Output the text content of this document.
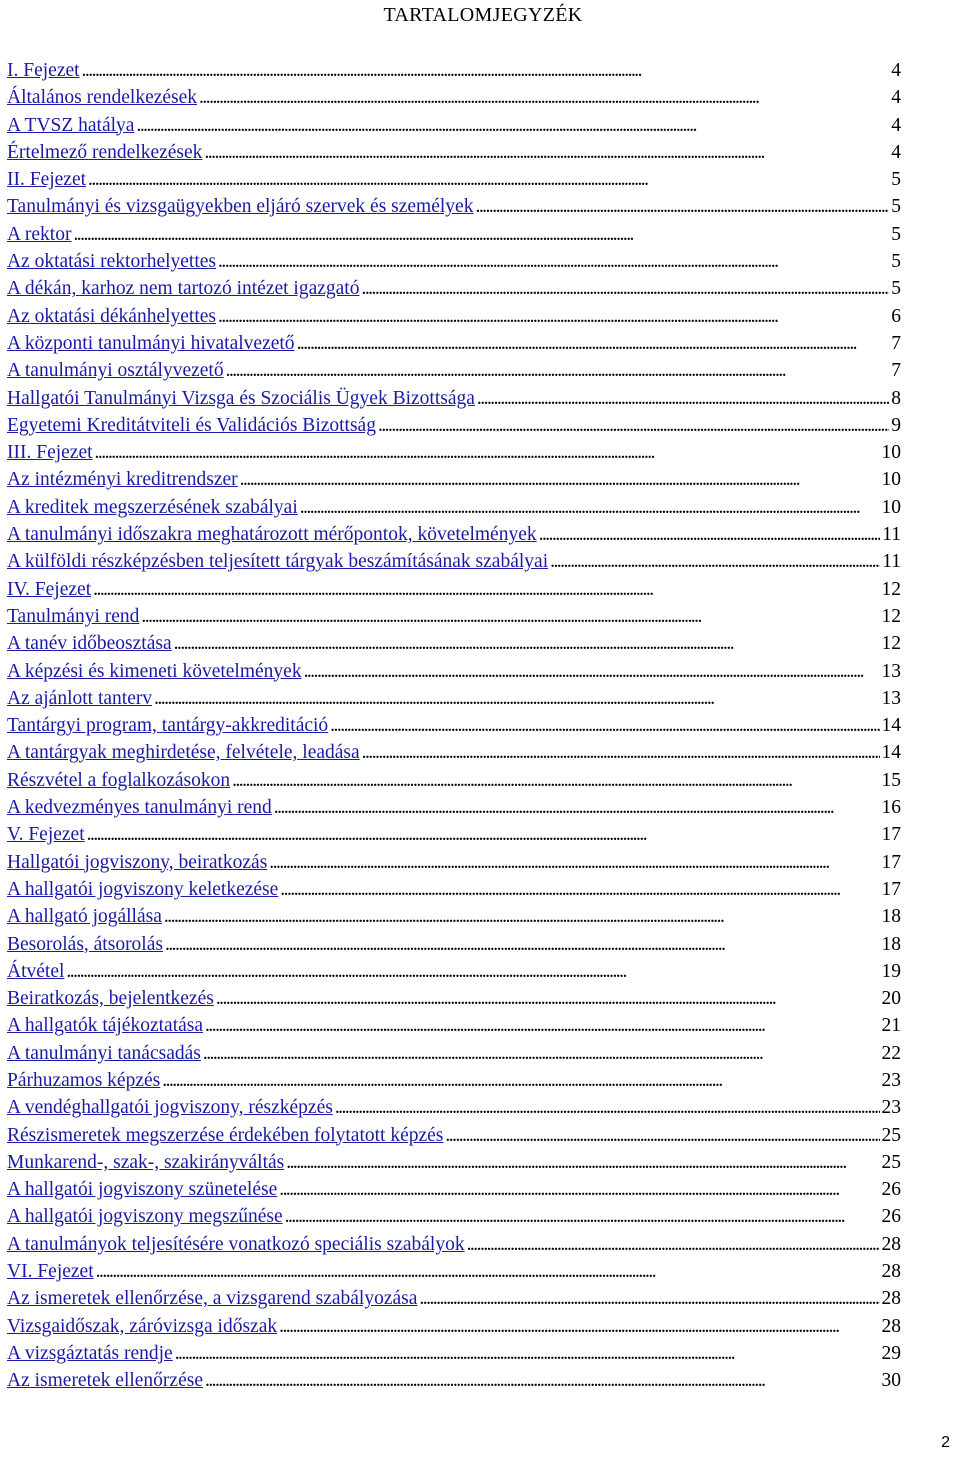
TARTALOMJEGYZÉK
I. Fejezet . . .	4
Általános rendelkezések . . .	4
A TVSZ hatálya . . .	4
Értelmező rendelkezések . . .	4
II. Fejezet . . .	5
Tanulmányi és vizsgaügyekben eljáró szervek és személyek . . .	5
A rektor . . .	5
Az oktatási rektorhelyettes . . .	5
A dékán, karhoz nem tartozó intézet igazgató . . .	5
Az oktatási dékánhelyettes . . .	6
A központi tanulmányi hivatalvezető . . .	7
A tanulmányi osztályvezető . . .	7
Hallgatói Tanulmányi Vizsga és Szociális Ügyek Bizottsága . . .	8
Egyetemi Kreditátviteli és Validációs Bizottság . . .	9
III. Fejezet . . .	10
Az intézményi kreditrendszer . . .	10
A kreditek megszerzésének szabályai . . .	10
A tanulmányi időszakra meghatározott mérőpontok, követelmények . . .	11
A külföldi részképzésben teljesített tárgyak beszámításának szabályai . . .	11
IV. Fejezet . . .	12
Tanulmányi rend . . .	12
A tanév időbeosztása . . .	12
A képzési és kimeneti követelmények . . .	13
Az ajánlott tanterv . . .	13
Tantárgyi program, tantárgy-akkreditáció . . .	14
A tantárgyak meghirdetése, felvétele, leadása . . .	14
Részvétel a foglalkozásokon . . .	15
A kedvezményes tanulmányi rend . . .	16
V. Fejezet . . .	17
Hallgatói jogviszony, beiratkozás . . .	17
A hallgatói jogviszony keletkezése . . .	17
A hallgató jogállása . . .	18
Besorolás, átsorolás . . .	18
Átvétel . . .	19
Beiratkozás, bejelentkezés . . .	20
A hallgatók tájékoztatása . . .	21
A tanulmányi tanácsadás . . .	22
Párhuzamos képzés . . .	23
A vendéghallgatói jogviszony, részképzés . . .	23
Részismeretek megszerzése érdekében folytatott képzés . . .	25
Munkarend-, szak-, szakirányváltás . . .	25
A hallgatói jogviszony szünetelése . . .	26
A hallgatói jogviszony megszűnése . . .	26
A tanulmányok teljesítésére vonatkozó speciális szabályok . . .	28
VI. Fejezet . . .	28
Az ismeretek ellenőrzése, a vizsgarend szabályozása . . .	28
Vizsgaidőszak, záróvizsga időszak . . .	28
A vizsgáztatás rendje . . .	29
Az ismeretek ellenőrzése . . .	30
2
